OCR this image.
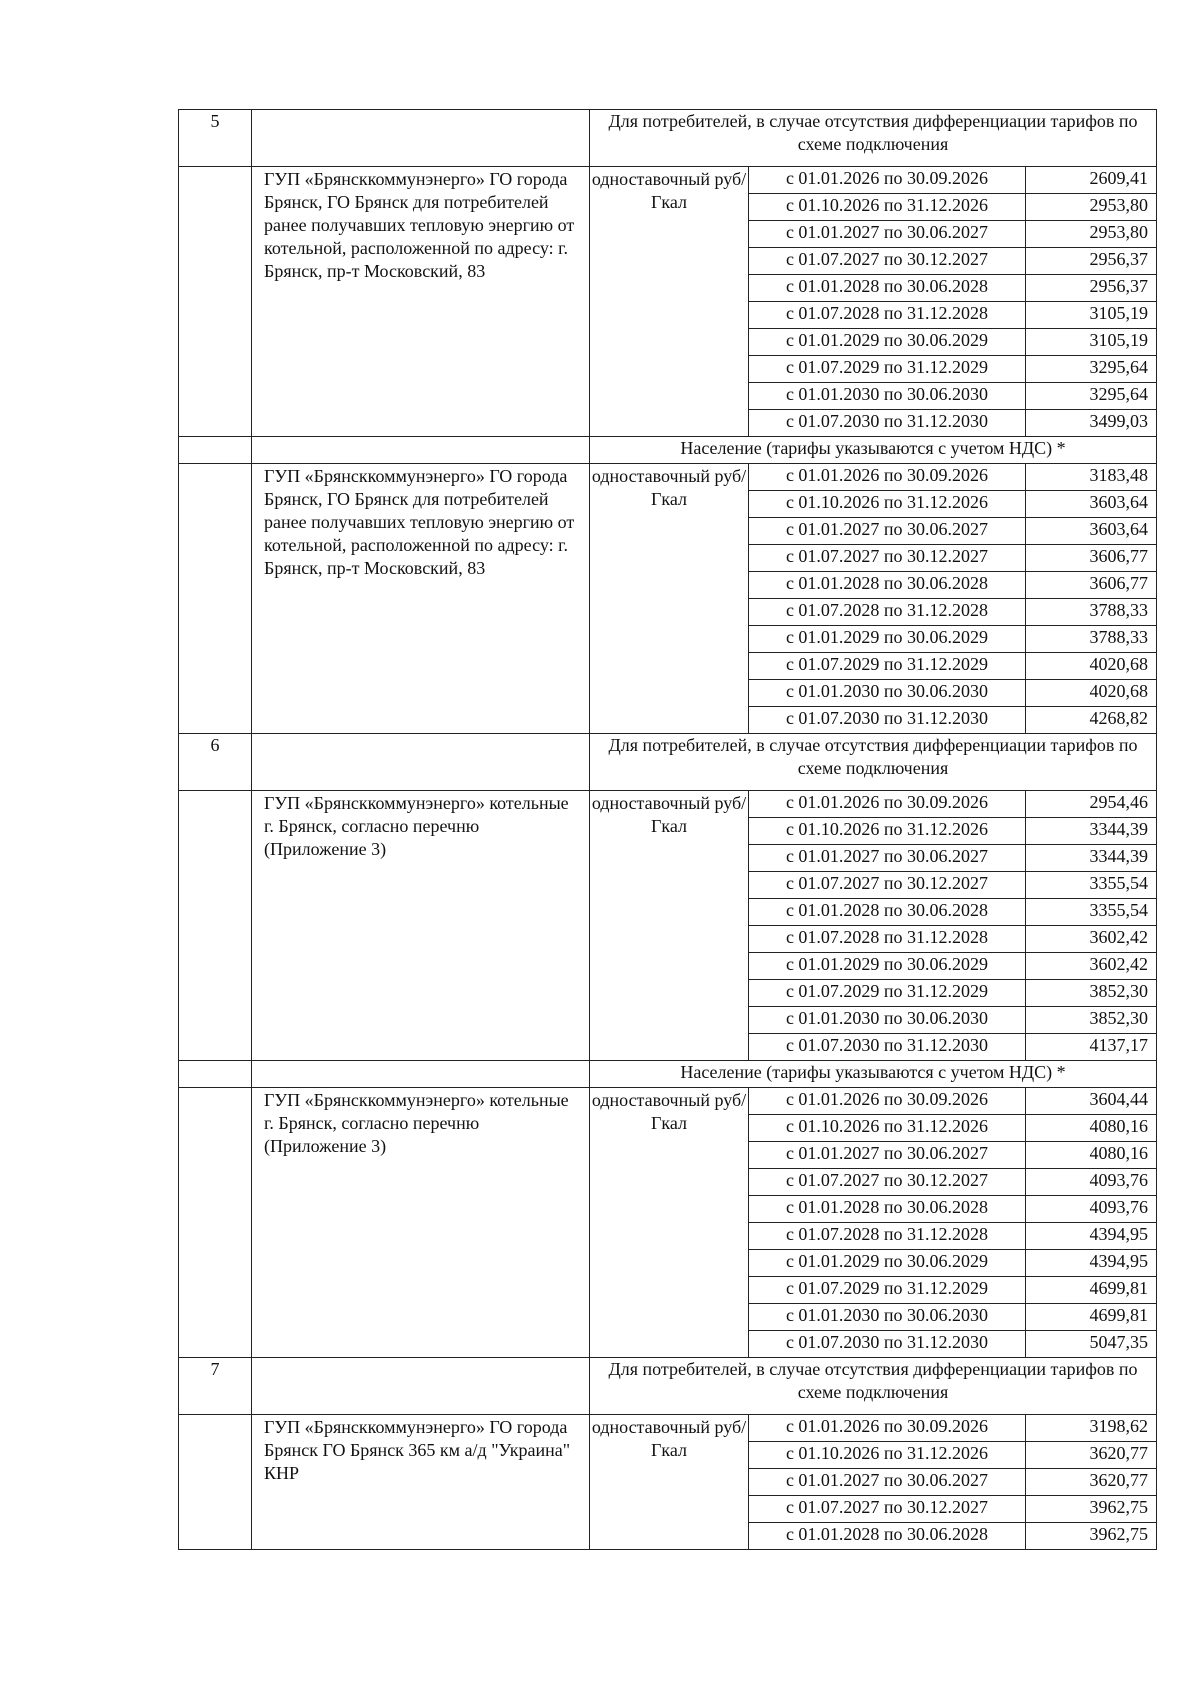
5		Для потребителей, в случае отсутствия дифференциации тарифов по схеме подключения		
	ГУП «Брянсккоммунэнерго» ГО города Брянск, ГО Брянск для потребителей ранее получавших тепловую энергию от котельной, расположенной по адресу: г. Брянск, пр-т Московский, 83	одноставочный руб/Гкал	с 01.01.2026 по 30.09.2026	2609,41
			с 01.10.2026 по 31.12.2026	2953,80
			с 01.01.2027 по 30.06.2027	2953,80
			с 01.07.2027 по 30.12.2027	2956,37
			с 01.01.2028 по 30.06.2028	2956,37
			с 01.07.2028 по 31.12.2028	3105,19
			с 01.01.2029 по 30.06.2029	3105,19
			с 01.07.2029 по 31.12.2029	3295,64
			с 01.01.2030 по 30.06.2030	3295,64
			с 01.07.2030 по 31.12.2030	3499,03
		Население (тарифы указываются с учетом НДС) *		
	ГУП «Брянсккоммунэнерго» ГО города Брянск, ГО Брянск для потребителей ранее получавших тепловую энергию от котельной, расположенной по адресу: г. Брянск, пр-т Московский, 83	одноставочный руб/Гкал	с 01.01.2026 по 30.09.2026	3183,48
			с 01.10.2026 по 31.12.2026	3603,64
			с 01.01.2027 по 30.06.2027	3603,64
			с 01.07.2027 по 30.12.2027	3606,77
			с 01.01.2028 по 30.06.2028	3606,77
			с 01.07.2028 по 31.12.2028	3788,33
			с 01.01.2029 по 30.06.2029	3788,33
			с 01.07.2029 по 31.12.2029	4020,68
			с 01.01.2030 по 30.06.2030	4020,68
			с 01.07.2030 по 31.12.2030	4268,82
6		Для потребителей, в случае отсутствия дифференциации тарифов по схеме подключения		
	ГУП «Брянсккоммунэнерго» котельные г. Брянск, согласно перечню (Приложение 3)	одноставочный руб/Гкал	с 01.01.2026 по 30.09.2026	2954,46
			с 01.10.2026 по 31.12.2026	3344,39
			с 01.01.2027 по 30.06.2027	3344,39
			с 01.07.2027 по 30.12.2027	3355,54
			с 01.01.2028 по 30.06.2028	3355,54
			с 01.07.2028 по 31.12.2028	3602,42
			с 01.01.2029 по 30.06.2029	3602,42
			с 01.07.2029 по 31.12.2029	3852,30
			с 01.01.2030 по 30.06.2030	3852,30
			с 01.07.2030 по 31.12.2030	4137,17
		Население (тарифы указываются с учетом НДС) *		
	ГУП «Брянсккоммунэнерго» котельные г. Брянск, согласно перечню (Приложение 3)	одноставочный руб/Гкал	с 01.01.2026 по 30.09.2026	3604,44
			с 01.10.2026 по 31.12.2026	4080,16
			с 01.01.2027 по 30.06.2027	4080,16
			с 01.07.2027 по 30.12.2027	4093,76
			с 01.01.2028 по 30.06.2028	4093,76
			с 01.07.2028 по 31.12.2028	4394,95
			с 01.01.2029 по 30.06.2029	4394,95
			с 01.07.2029 по 31.12.2029	4699,81
			с 01.01.2030 по 30.06.2030	4699,81
			с 01.07.2030 по 31.12.2030	5047,35
7		Для потребителей, в случае отсутствия дифференциации тарифов по схеме подключения		
	ГУП «Брянсккоммунэнерго» ГО города Брянск ГО Брянск 365 км а/д "Украина" КНР	одноставочный руб/Гкал	с 01.01.2026 по 30.09.2026	3198,62
			с 01.10.2026 по 31.12.2026	3620,77
			с 01.01.2027 по 30.06.2027	3620,77
			с 01.07.2027 по 30.12.2027	3962,75
			с 01.01.2028 по 30.06.2028	3962,75
